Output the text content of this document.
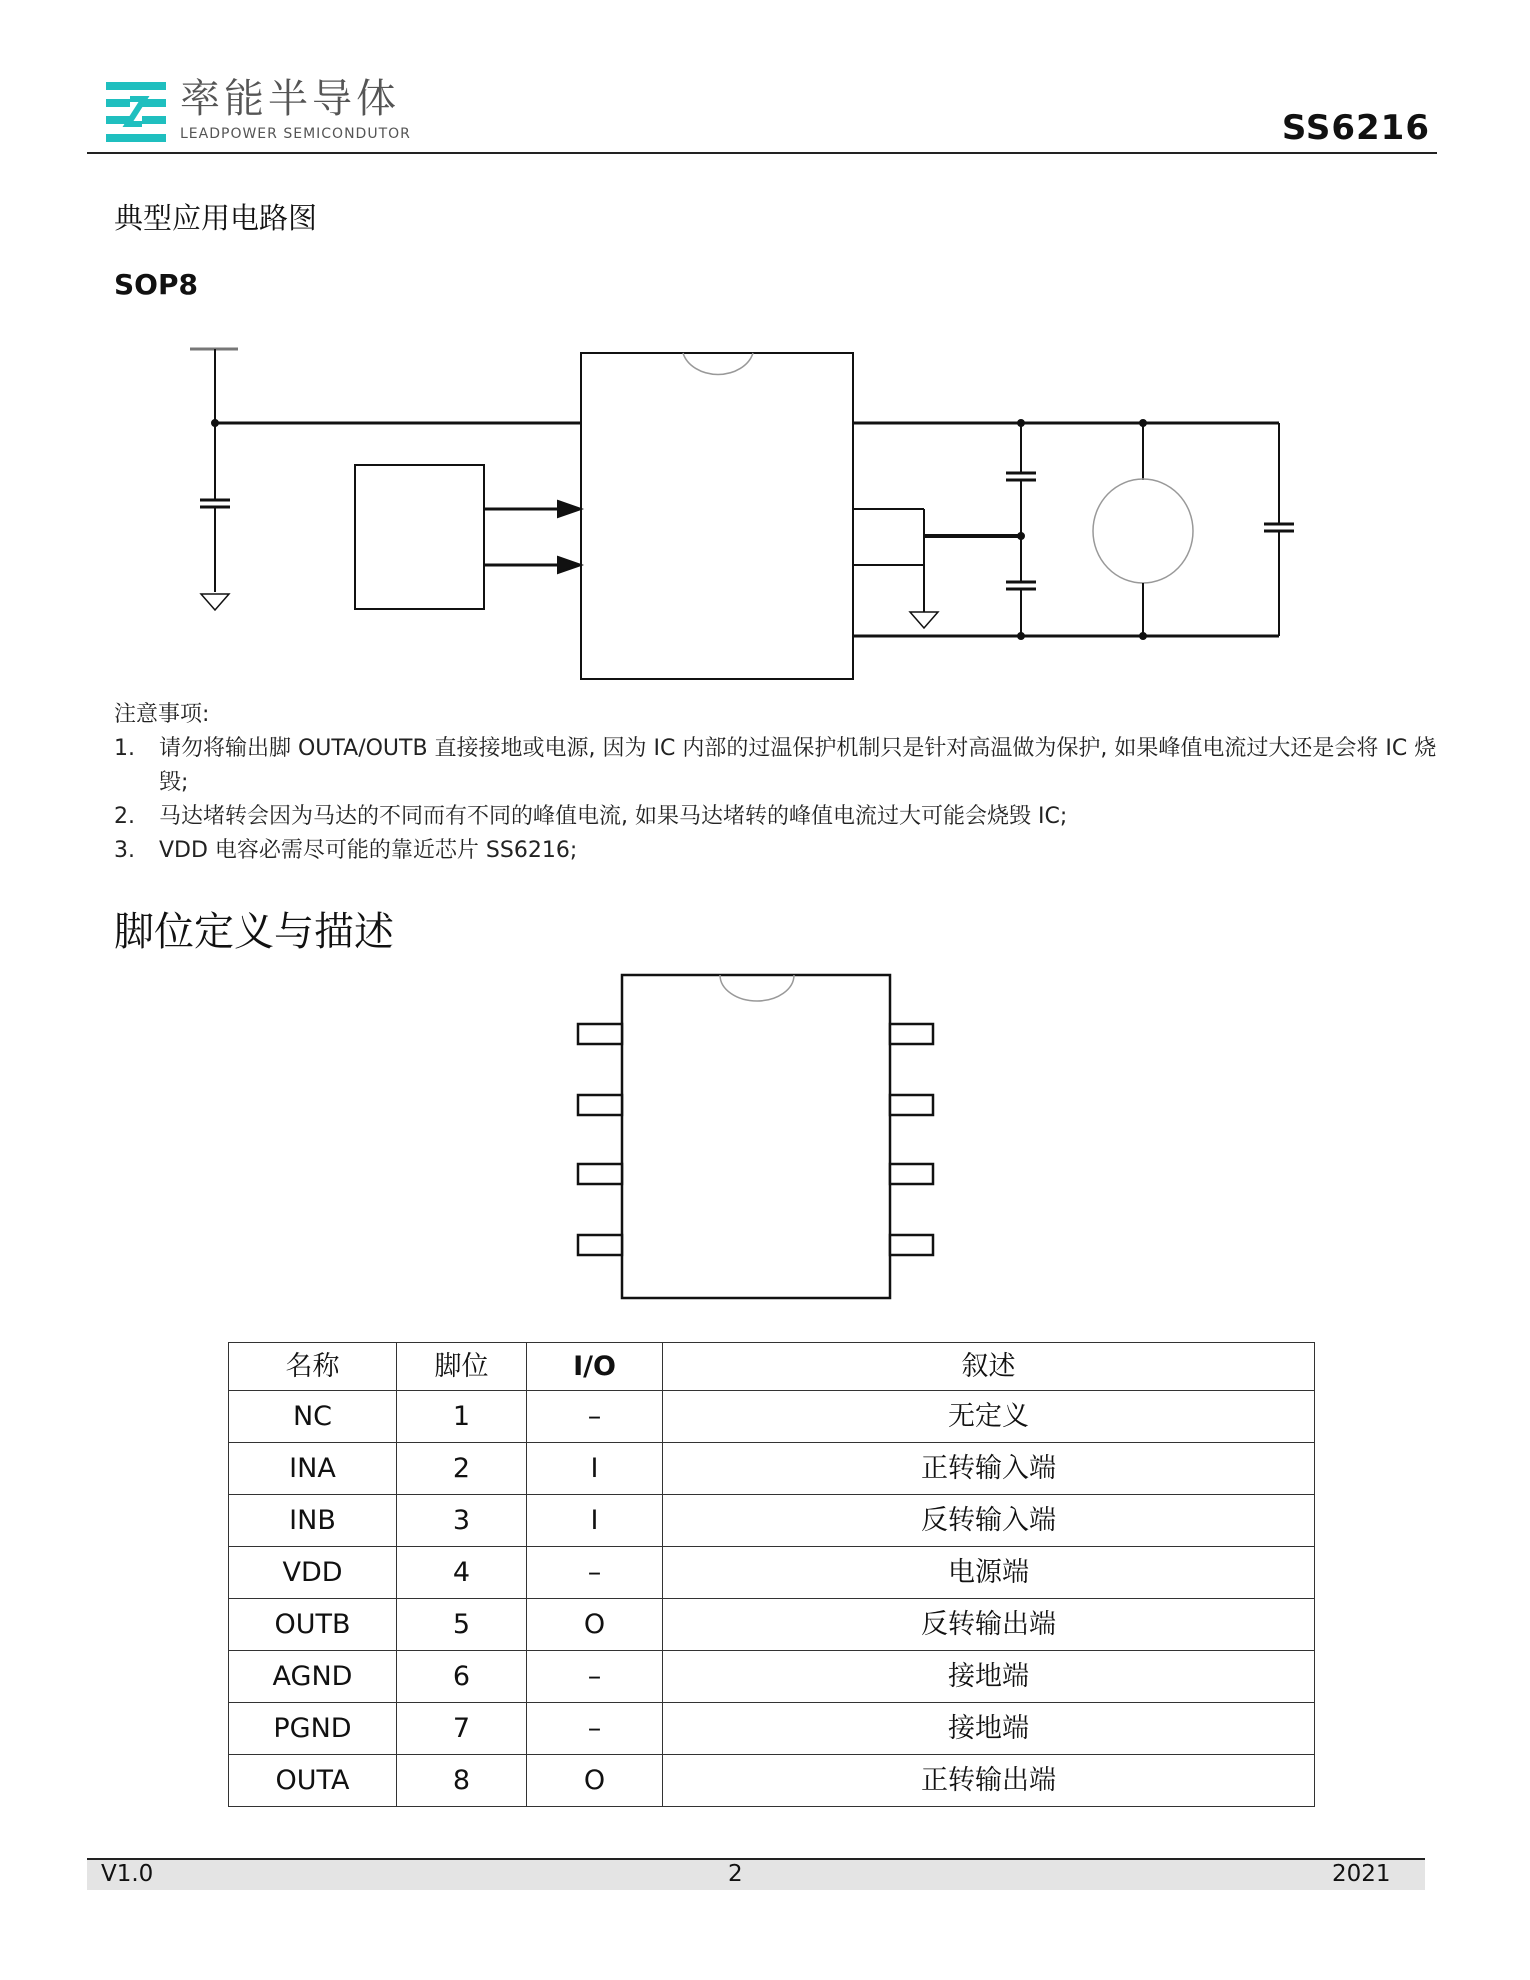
率能半导体
LEADPOWER SEMICONDUTOR	SS6216
典型应用电路图
SOP8
注意事项:
1.	请勿将输出脚 OUTA/OUTB 直接接地或电源, 因为 IC 内部的过温保护机制只是针对高温做为保护, 如果峰值电流过大还是会将 IC 烧毁;
2.	马达堵转会因为马达的不同而有不同的峰值电流, 如果马达堵转的峰值电流过大可能会烧毁 IC;
3.	VDD 电容必需尽可能的靠近芯片 SS6216;
脚位定义与描述
名称	脚位	I/O	叙述
NC	1	–	无定义
INA	2	I	正转输入端
INB	3	I	反转输入端
VDD	4	–	电源端
OUTB	5	O	反转输出端
AGND	6	–	接地端
PGND	7	–	接地端
OUTA	8	O	正转输出端
V1.0	2	2021
